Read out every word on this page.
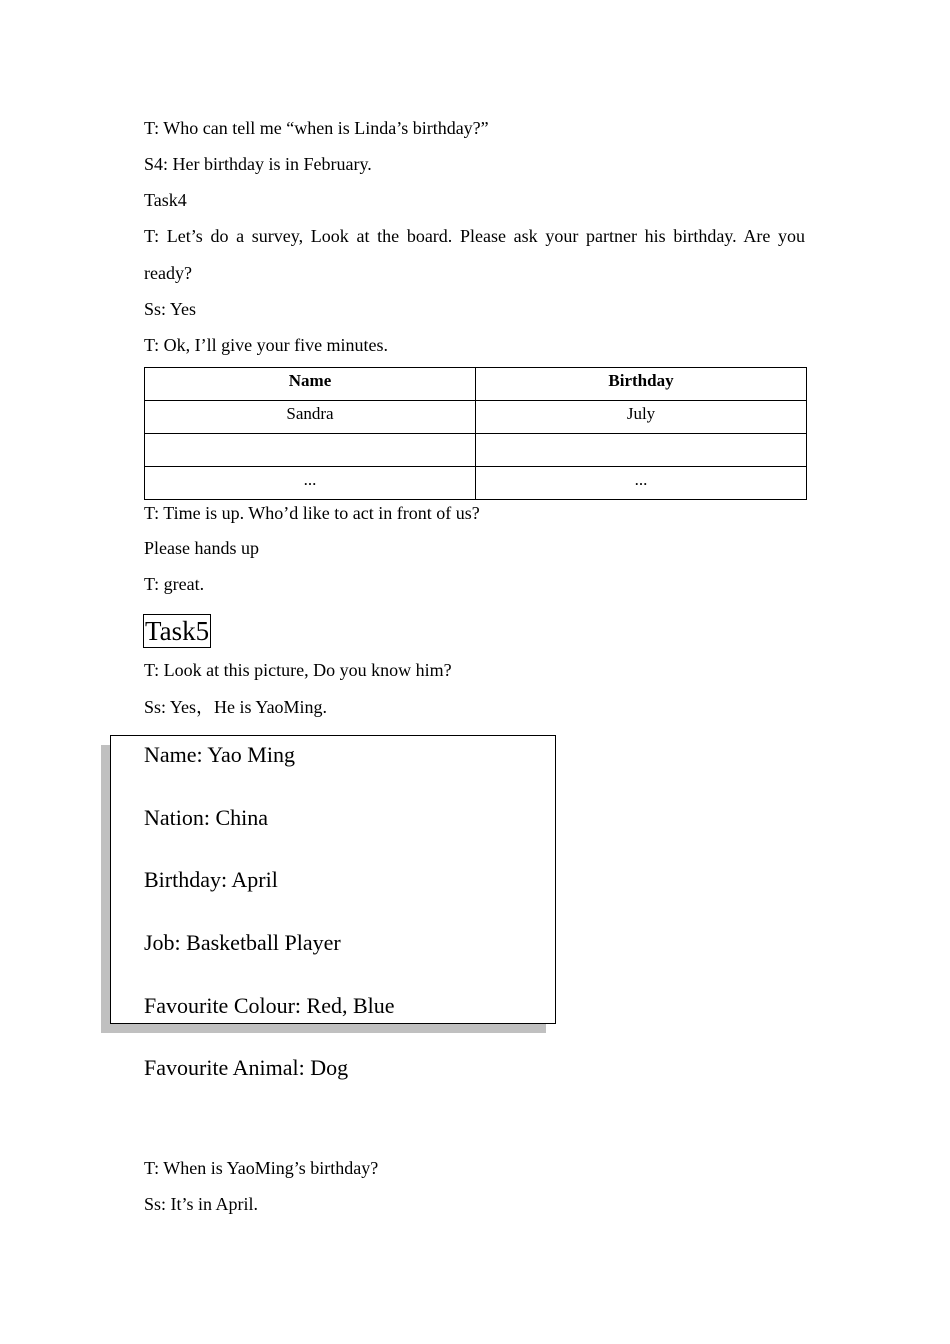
T: Who can tell me “when is Linda’s birthday?”
S4: Her birthday is in February.
Task4
T: Let’s do a survey, Look at the board. Please ask your partner his birthday. Are you
ready?
Ss: Yes
T: Ok, I’ll give your five minutes.
Name	Birthday
Sandra	July

...	...
T: Time is up. Who’d like to act in front of us?
Please hands up
T: great.
Task5
T: Look at this picture, Do you know him?
Ss: Yes，He is YaoMing.
Name: Yao Ming
Nation: China
Birthday: April
Job: Basketball Player
Favourite Colour: Red, Blue
Favourite Animal: Dog
T: When is YaoMing’s birthday?
Ss: It’s in April.
